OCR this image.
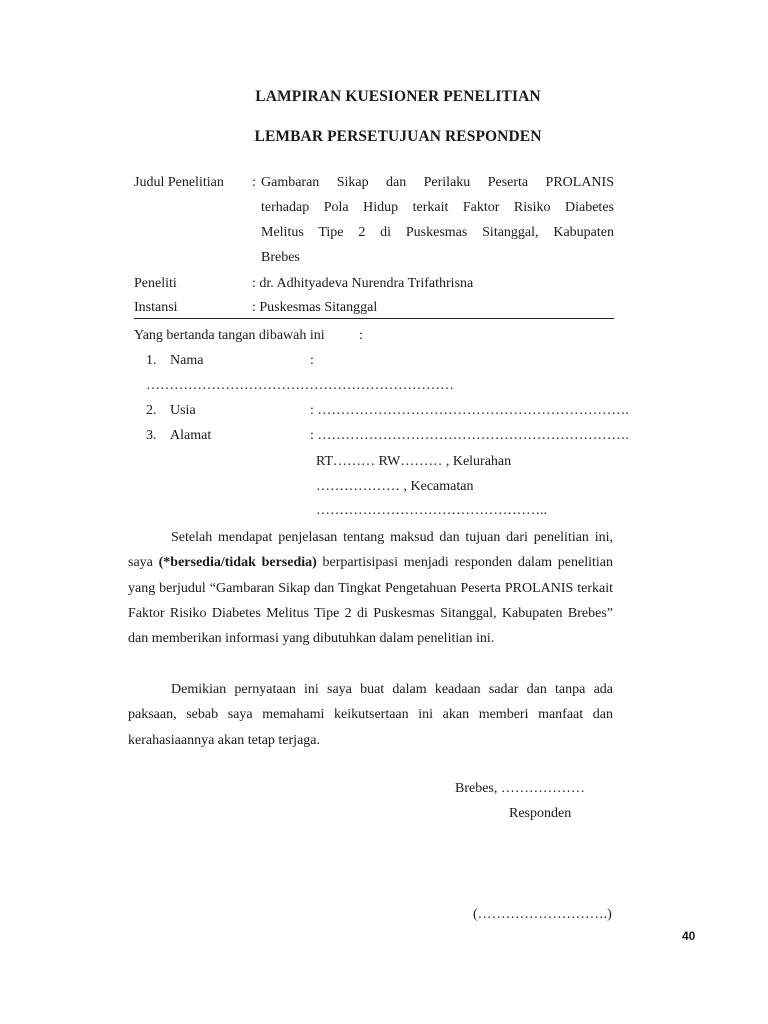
LAMPIRAN KUESIONER PENELITIAN
LEMBAR PERSETUJUAN RESPONDEN
Judul Penelitian : Gambaran Sikap dan Perilaku Peserta PROLANIS
terhadap Pola Hidup terkait Faktor Risiko Diabetes
Melitus Tipe 2 di Puskesmas Sitanggal, Kabupaten
Brebes
Peneliti	: dr. Adhityadeva Nurendra Trifathrisna
Instansi	: Puskesmas Sitanggal
Yang bertanda tangan dibawah ini :
1. Nama	:
…………………………………………………………
2. Usia	: ………………………………………………………….
3. Alamat	: ………………………………………………………….
RT……… RW……… , Kelurahan
……………… , Kecamatan
…………………………………………..
Setelah mendapat penjelasan tentang maksud dan tujuan dari penelitian ini, saya (*bersedia/tidak bersedia) berpartisipasi menjadi responden dalam penelitian yang berjudul “Gambaran Sikap dan Tingkat Pengetahuan Peserta PROLANIS terkait Faktor Risiko Diabetes Melitus Tipe 2 di Puskesmas Sitanggal, Kabupaten Brebes” dan memberikan informasi yang dibutuhkan dalam penelitian ini.
Demikian pernyataan ini saya buat dalam keadaan sadar dan tanpa ada paksaan, sebab saya memahami keikutsertaan ini akan memberi manfaat dan kerahasiaannya akan tetap terjaga.
Brebes, ………………
Responden
(……………………….)
40
